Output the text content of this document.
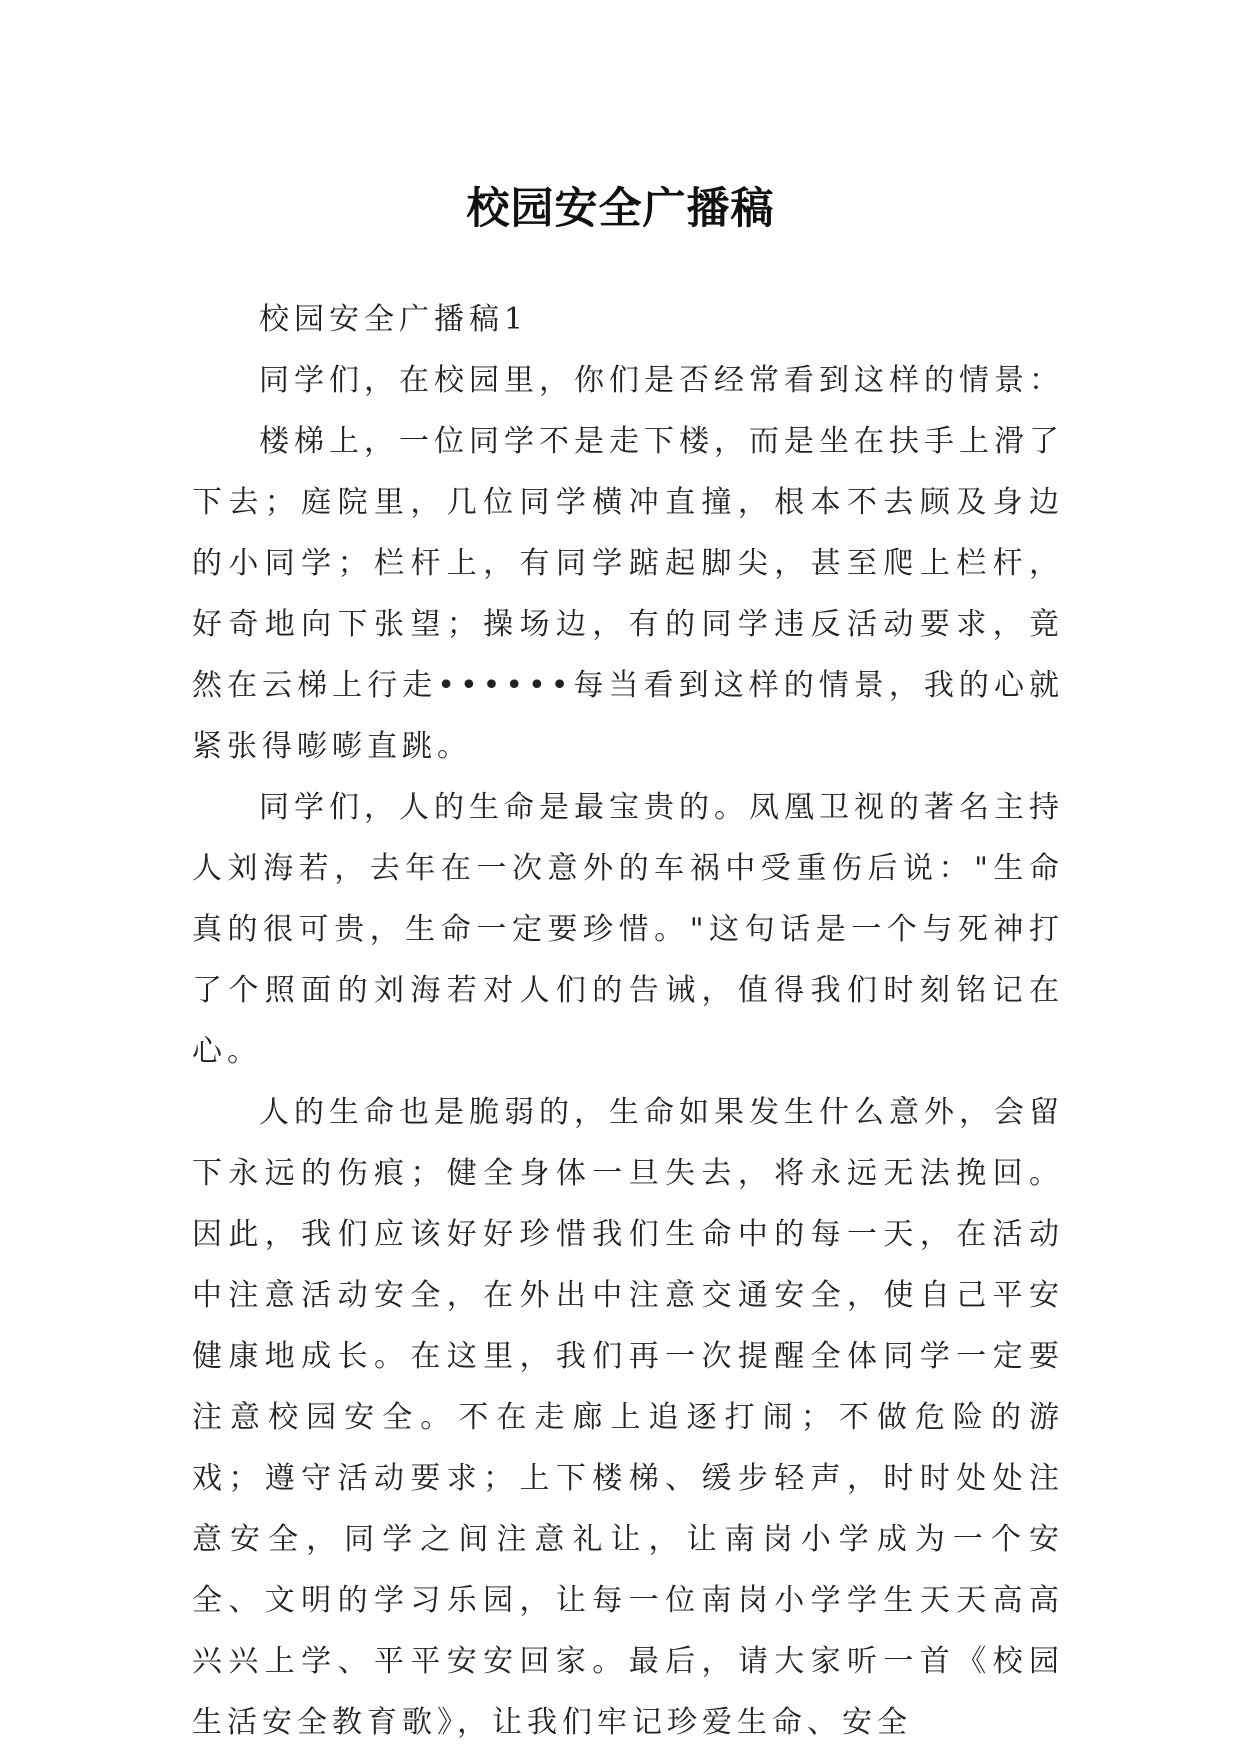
校园安全广播稿

校园安全广播稿1

同学们，在校园里，你们是否经常看到这样的情景：

楼梯上，一位同学不是走下楼，而是坐在扶手上滑了下去；庭院里，几位同学横冲直撞，根本不去顾及身边的小同学；栏杆上，有同学踮起脚尖，甚至爬上栏杆，好奇地向下张望；操场边，有的同学违反活动要求，竟然在云梯上行走••••••每当看到这样的情景，我的心就紧张得嘭嘭直跳。

同学们，人的生命是最宝贵的。凤凰卫视的著名主持人刘海若，去年在一次意外的车祸中受重伤后说："生命真的很可贵，生命一定要珍惜。"这句话是一个与死神打了个照面的刘海若对人们的告诫，值得我们时刻铭记在心。

人的生命也是脆弱的，生命如果发生什么意外，会留下永远的伤痕；健全身体一旦失去，将永远无法挽回。因此，我们应该好好珍惜我们生命中的每一天，在活动中注意活动安全，在外出中注意交通安全，使自己平安健康地成长。在这里，我们再一次提醒全体同学一定要注意校园安全。不在走廊上追逐打闹；不做危险的游戏；遵守活动要求；上下楼梯、缓步轻声，时时处处注意安全，同学之间注意礼让，让南岗小学成为一个安全、文明的学习乐园，让每一位南岗小学学生天天高高兴兴上学、平平安安回家。最后，请大家听一首《校园生活安全教育歌》，让我们牢记珍爱生命、安全
